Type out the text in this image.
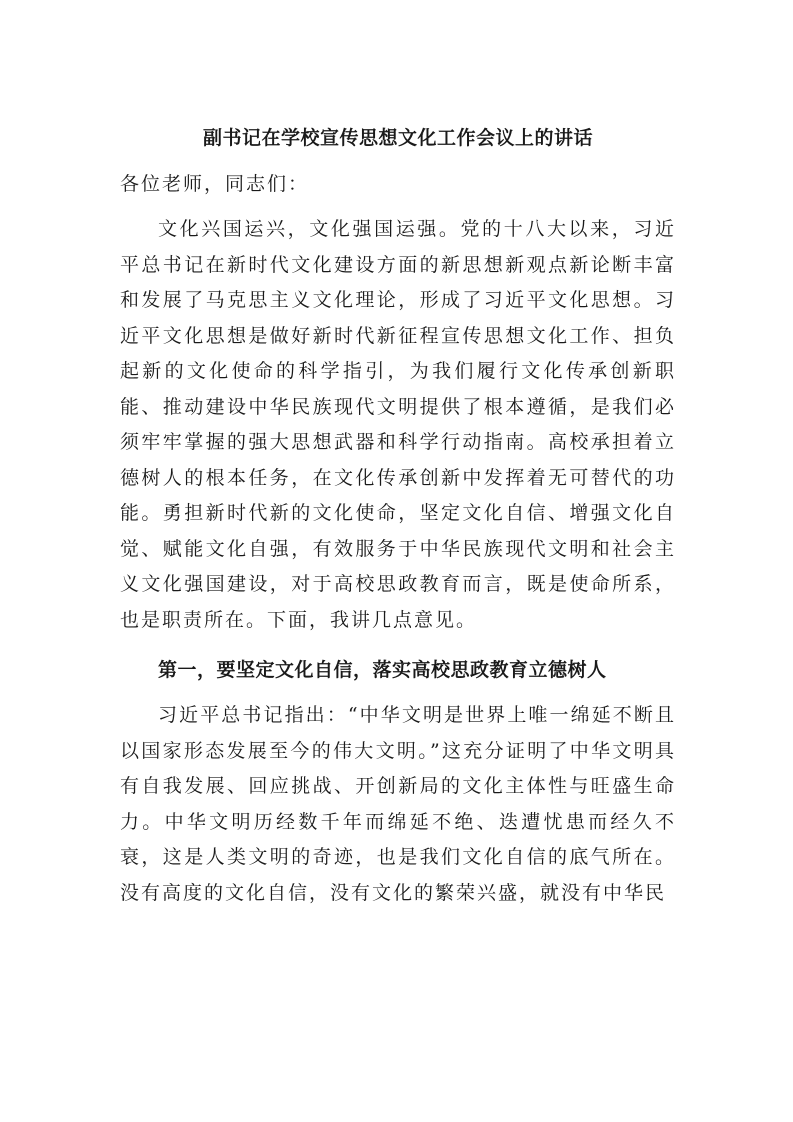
副书记在学校宣传思想文化工作会议上的讲话

各位老师，同志们：

文化兴国运兴，文化强国运强。党的十八大以来，习近平总书记在新时代文化建设方面的新思想新观点新论断丰富和发展了马克思主义文化理论，形成了习近平文化思想。习近平文化思想是做好新时代新征程宣传思想文化工作、担负起新的文化使命的科学指引，为我们履行文化传承创新职能、推动建设中华民族现代文明提供了根本遵循，是我们必须牢牢掌握的强大思想武器和科学行动指南。高校承担着立德树人的根本任务，在文化传承创新中发挥着无可替代的功能。勇担新时代新的文化使命，坚定文化自信、增强文化自觉、赋能文化自强，有效服务于中华民族现代文明和社会主义文化强国建设，对于高校思政教育而言，既是使命所系，也是职责所在。下面，我讲几点意见。

第一，要坚定文化自信，落实高校思政教育立德树人

习近平总书记指出：“中华文明是世界上唯一绵延不断且以国家形态发展至今的伟大文明。”这充分证明了中华文明具有自我发展、回应挑战、开创新局的文化主体性与旺盛生命力。中华文明历经数千年而绵延不绝、迭遭忧患而经久不衰，这是人类文明的奇迹，也是我们文化自信的底气所在。没有高度的文化自信，没有文化的繁荣兴盛，就没有中华民
